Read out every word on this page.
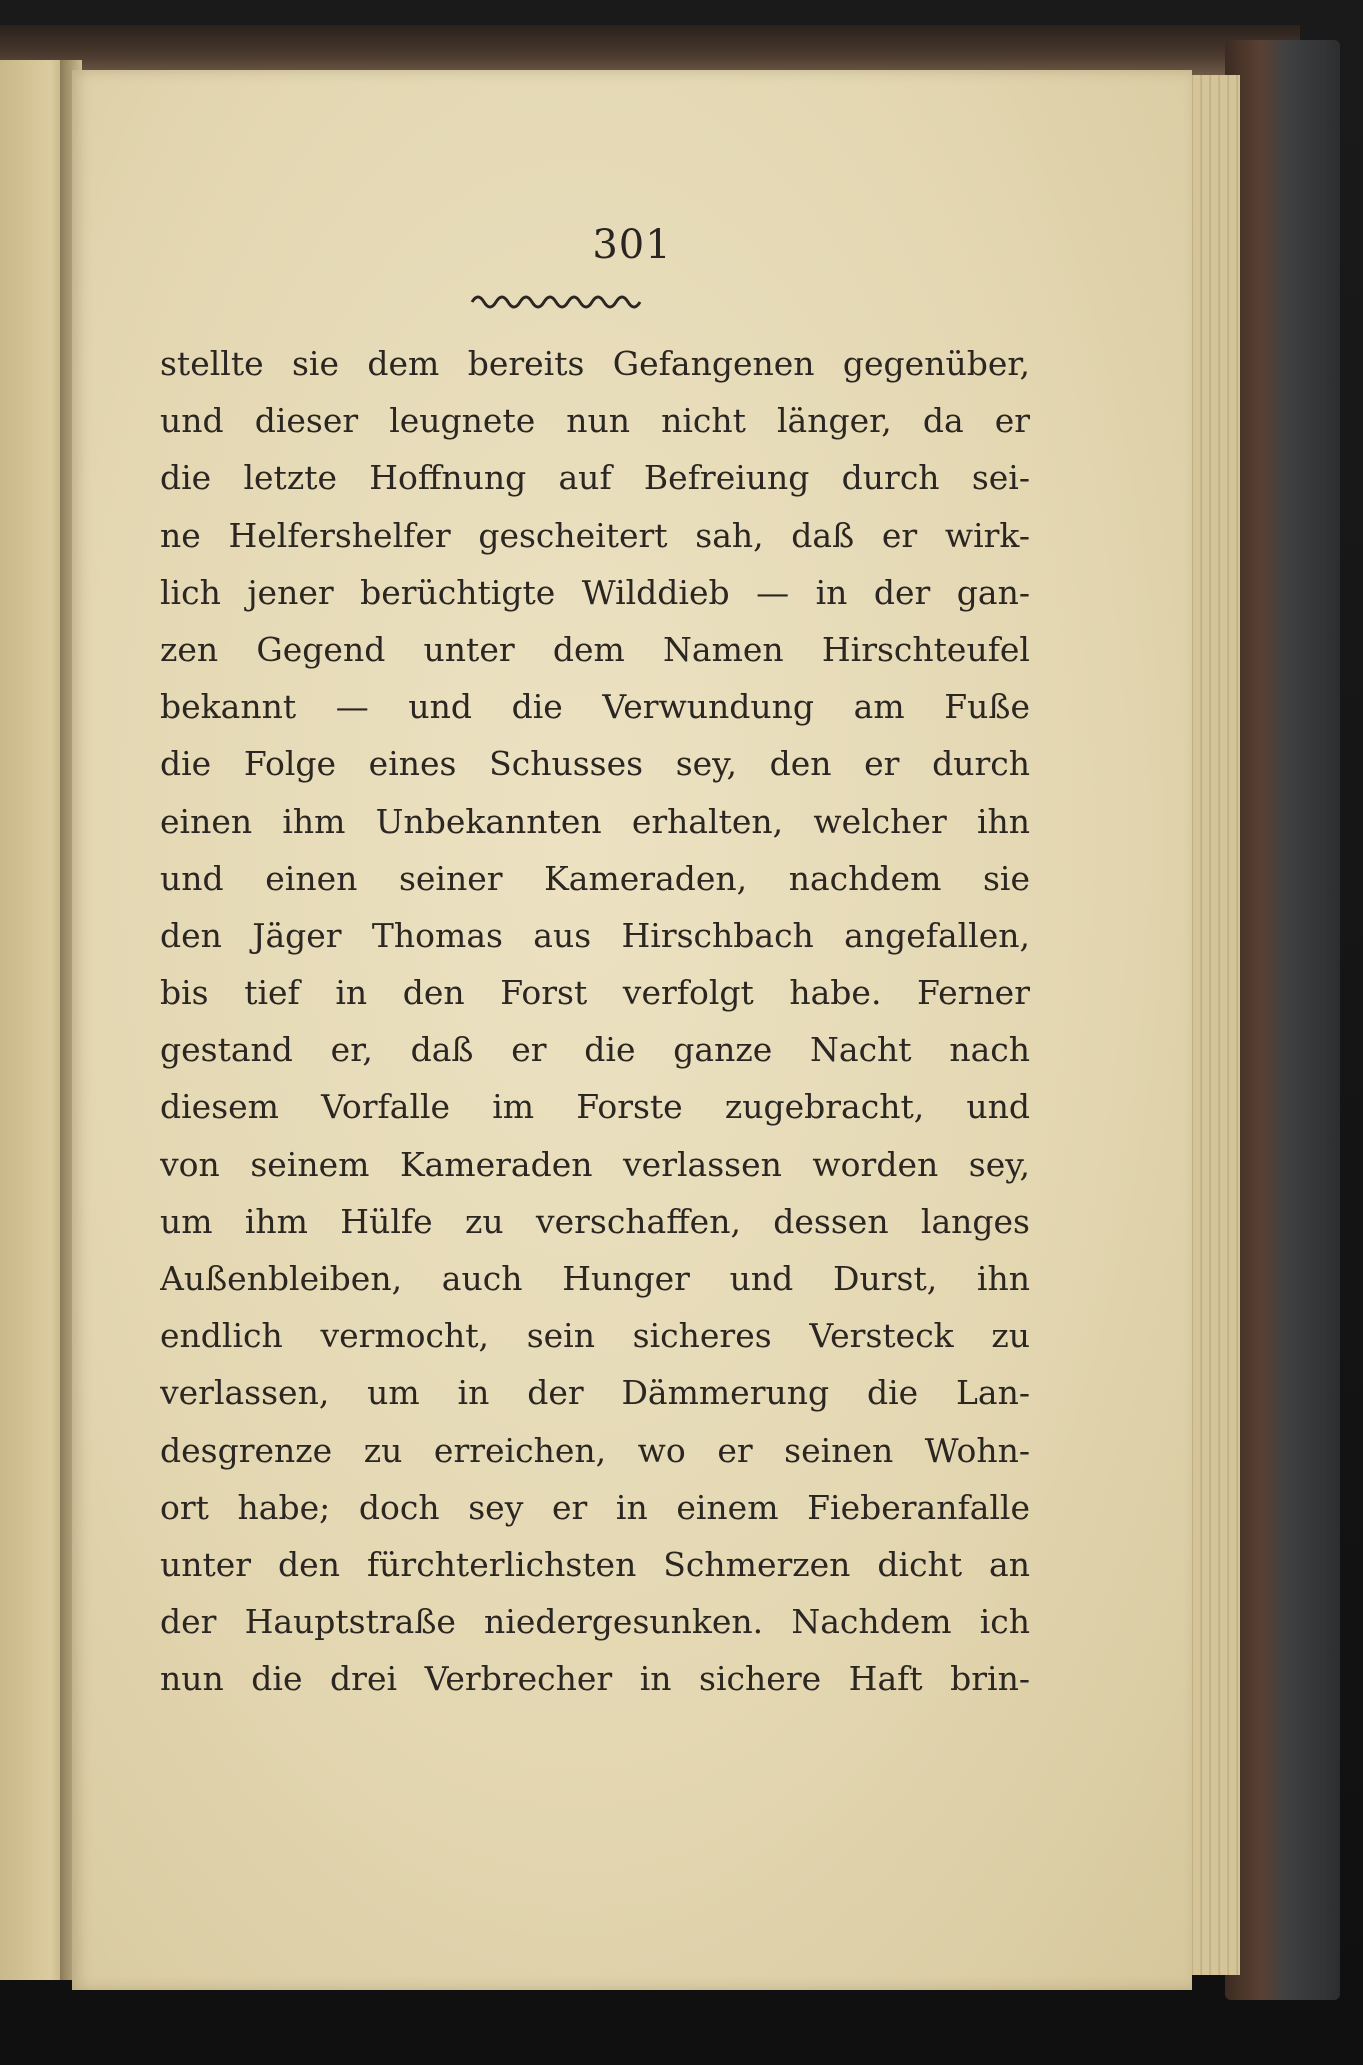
301
stellte sie dem bereits Gefangenen gegenüber,
und dieser leugnete nun nicht länger, da er
die letzte Hoffnung auf Befreiung durch sei-
ne Helfershelfer gescheitert sah, daß er wirk-
lich jener berüchtigte Wilddieb — in der gan-
zen Gegend unter dem Namen Hirschteufel
bekannt — und die Verwundung am Fuße
die Folge eines Schusses sey, den er durch
einen ihm Unbekannten erhalten, welcher ihn
und einen seiner Kameraden, nachdem sie
den Jäger Thomas aus Hirschbach angefallen,
bis tief in den Forst verfolgt habe. Ferner
gestand er, daß er die ganze Nacht nach
diesem Vorfalle im Forste zugebracht, und
von seinem Kameraden verlassen worden sey,
um ihm Hülfe zu verschaffen, dessen langes
Außenbleiben, auch Hunger und Durst, ihn
endlich vermocht, sein sicheres Versteck zu
verlassen, um in der Dämmerung die Lan-
desgrenze zu erreichen, wo er seinen Wohn-
ort habe; doch sey er in einem Fieberanfalle
unter den fürchterlichsten Schmerzen dicht an
der Hauptstraße niedergesunken. Nachdem ich
nun die drei Verbrecher in sichere Haft brin-
